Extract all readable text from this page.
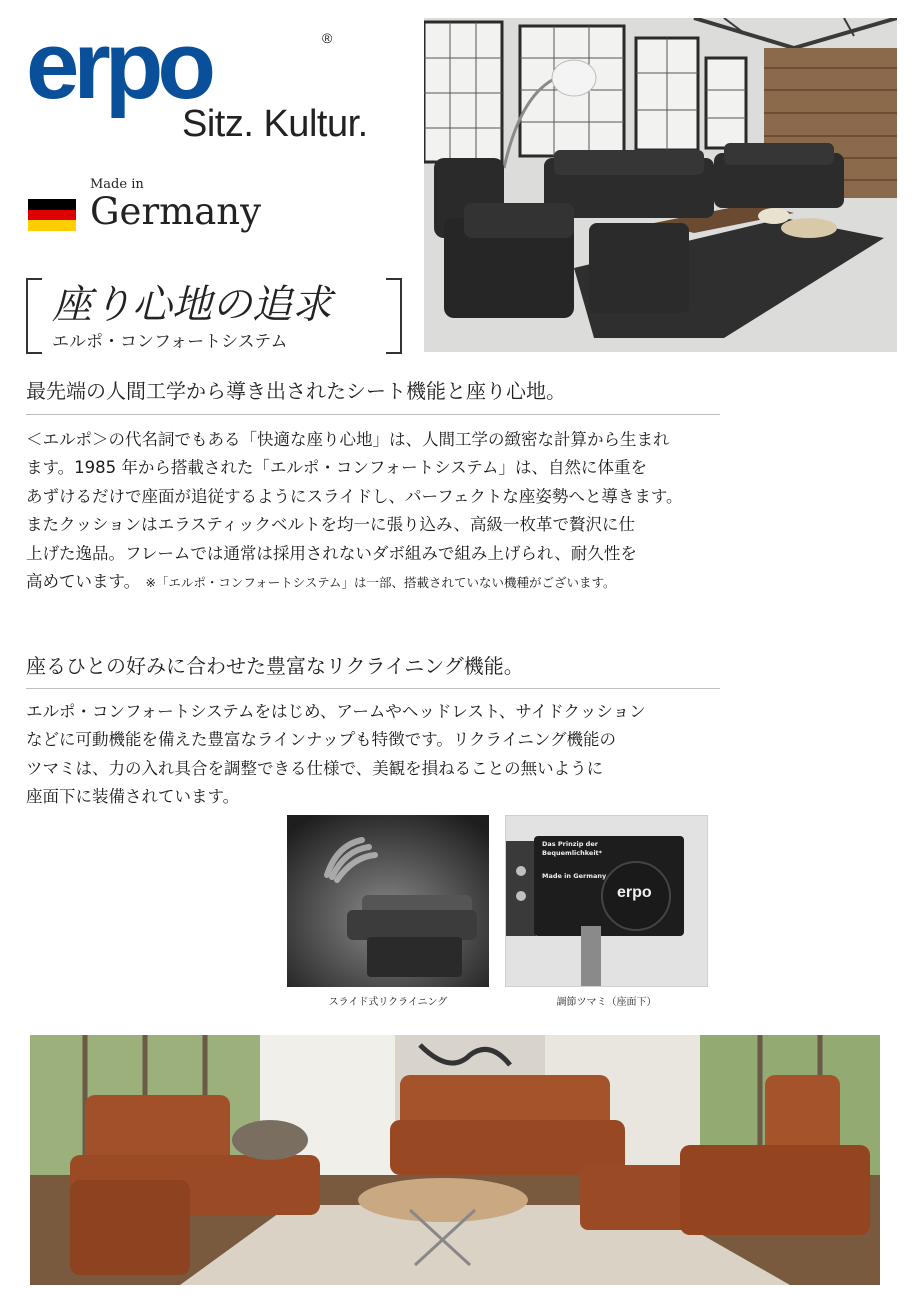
erpo	®
Sitz. Kultur.
Made in
Germany
座り心地の追求
エルポ・コンフォートシステム
最先端の人間工学から導き出されたシート機能と座り心地。
＜エルポ＞の代名詞でもある「快適な座り心地」は、人間工学の緻密な計算から生まれ
ます。1985 年から搭載された「エルポ・コンフォートシステム」は、自然に体重を
あずけるだけで座面が追従するようにスライドし、パーフェクトな座姿勢へと導きます。
またクッションはエラスティックベルトを均一に張り込み、高級一枚革で贅沢に仕
上げた逸品。フレームでは通常は採用されないダボ組みで組み上げられ、耐久性を
高めています。 ※「エルポ・コンフォートシステム」は一部、搭載されていない機種がございます。
座るひとの好みに合わせた豊富なリクライニング機能。
エルポ・コンフォートシステムをはじめ、アームやヘッドレスト、サイドクッション
などに可動機能を備えた豊富なラインナップも特徴です。リクライニング機能の
ツマミは、力の入れ具合を調整できる仕様で、美観を損ねることの無いように
座面下に装備されています。
スライド式リクライニング
Das Prinzip der
Bequemlichkeit*
Made in Germany
erpo
調節ツマミ（座面下）
